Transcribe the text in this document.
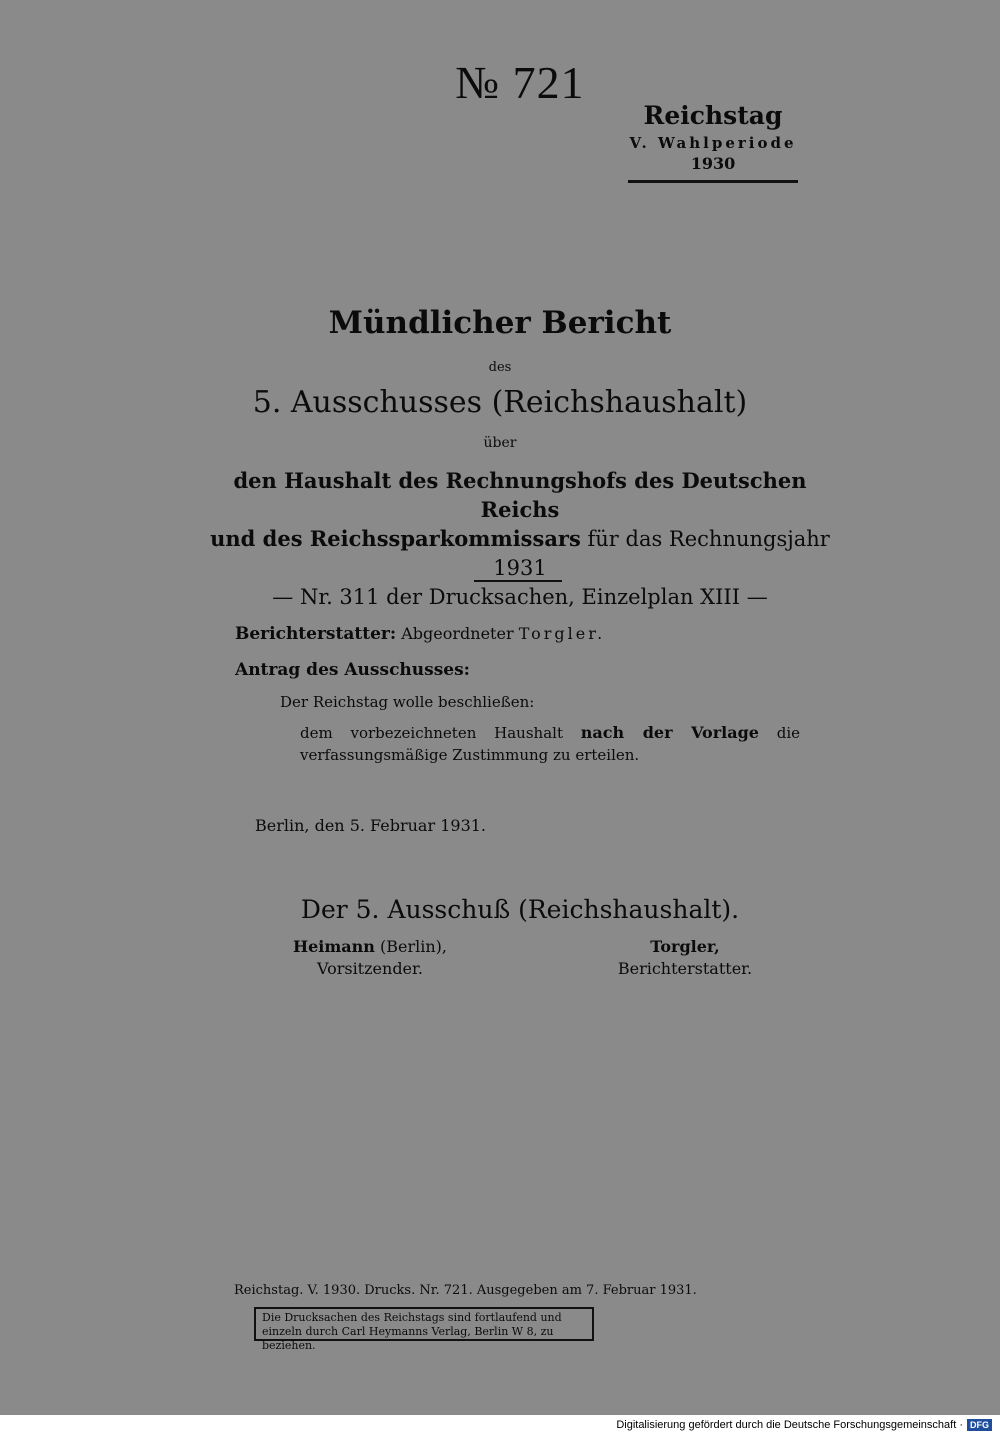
№ 721
Reichstag
V. Wahlperiode
1930
Mündlicher Bericht
des
5. Ausschusses (Reichshaushalt)
über
den Haushalt des Rechnungshofs des Deutschen Reichs
und des Reichssparkommissars für das Rechnungsjahr 1931
— Nr. 311 der Drucksachen, Einzelplan XIII —
Berichterstatter: Abgeordneter Torgler.
Antrag des Ausschusses:
Der Reichstag wolle beschließen:
dem vorbezeichneten Haushalt nach der Vorlage die verfassungsmäßige Zustimmung zu erteilen.
Berlin, den 5. Februar 1931.
Der 5. Ausschuß (Reichshaushalt).
Heimann (Berlin),
Vorsitzender.
Torgler,
Berichterstatter.
Reichstag. V. 1930. Drucks. Nr. 721. Ausgegeben am 7. Februar 1931.
Die Drucksachen des Reichstags sind fortlaufend und einzeln durch Carl Heymanns Verlag, Berlin W 8, zu beziehen.
Digitalisierung gefördert durch die Deutsche Forschungsgemeinschaft · DFG
